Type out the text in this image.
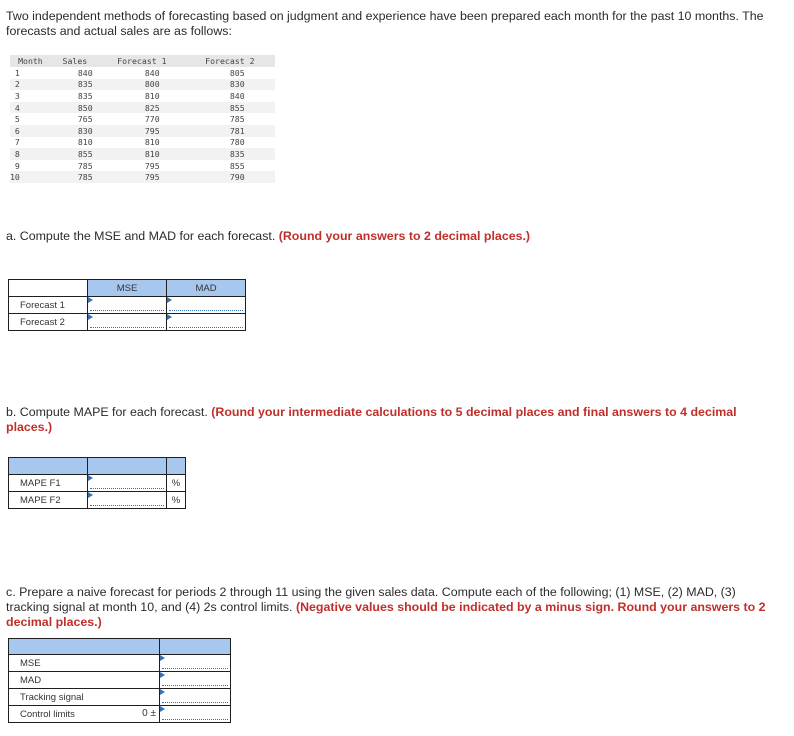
Two independent methods of forecasting based on judgment and experience have been prepared each month for the past 10 months. The forecasts and actual sales are as follows:
Month	Sales	Forecast 1	Forecast 2
1	840	840	805
2	835	800	830
3	835	810	840
4	850	825	855
5	765	770	785
6	830	795	781
7	810	810	780
8	855	810	835
9	785	795	855
10	785	795	790
a. Compute the MSE and MAD for each forecast. (Round your answers to 2 decimal places.)
	MSE	MAD
Forecast 1	

Forecast 2	

b. Compute MAPE for each forecast. (Round your intermediate calculations to 5 decimal places and final answers to 4 decimal places.)

MAPE F1		%
MAPE F2		%
c. Prepare a naive forecast for periods 2 through 11 using the given sales data. Compute each of the following; (1) MSE, (2) MAD, (3) tracking signal at month 10, and (4) 2s control limits. (Negative values should be indicated by a minus sign. Round your answers to 2 decimal places.)

MSE	

MAD	

Tracking signal	

Control limits 0 ±	
